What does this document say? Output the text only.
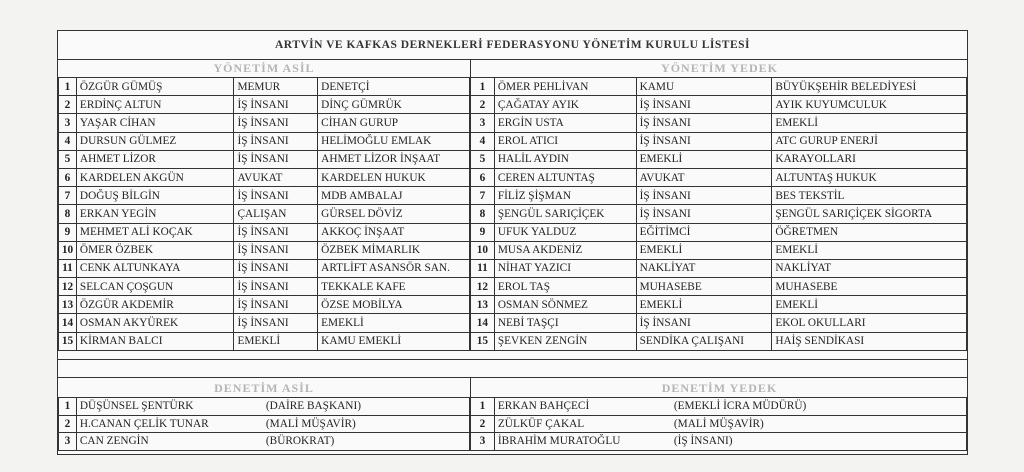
ARTVİN VE KAFKAS DERNEKLERİ FEDERASYONU YÖNETİM KURULU LİSTESİ
YÖNETİM ASİL	YÖNETİM YEDEK
1	ÖZGÜR GÜMÜŞ	MEMUR	DENETÇİ
2	ERDİNÇ ALTUN	İŞ İNSANI	DİNÇ GÜMRÜK
3	YAŞAR CİHAN	İŞ İNSANI	CİHAN GURUP
4	DURSUN GÜLMEZ	İŞ İNSANI	HELİMOĞLU EMLAK
5	AHMET LİZOR	İŞ İNSANI	AHMET LİZOR İNŞAAT
6	KARDELEN AKGÜN	AVUKAT	KARDELEN HUKUK
7	DOĞUŞ BİLGİN	İŞ İNSANI	MDB AMBALAJ
8	ERKAN YEGİN	ÇALIŞAN	GÜRSEL DÖVİZ
9	MEHMET ALİ KOÇAK	İŞ İNSANI	AKKOÇ İNŞAAT
10	ÖMER ÖZBEK	İŞ İNSANI	ÖZBEK MİMARLIK
11	CENK ALTUNKAYA	İŞ İNSANI	ARTLİFT ASANSÖR SAN.
12	SELCAN ÇOŞGUN	İŞ İNSANI	TEKKALE KAFE
13	ÖZGÜR AKDEMİR	İŞ İNSANI	ÖZSE MOBİLYA
14	OSMAN AKYÜREK	İŞ İNSANI	EMEKLİ
15	KİRMAN BALCI	EMEKLİ	KAMU EMEKLİ
1	ÖMER PEHLİVAN	KAMU	BÜYÜKŞEHİR BELEDİYESİ
2	ÇAĞATAY AYIK	İŞ İNSANI	AYIK KUYUMCULUK
3	ERGİN USTA	İŞ İNSANI	EMEKLİ
4	EROL ATICI	İŞ İNSANI	ATC GURUP ENERJİ
5	HALİL AYDIN	EMEKLİ	KARAYOLLARI
6	CEREN ALTUNTAŞ	AVUKAT	ALTUNTAŞ HUKUK
7	FİLİZ ŞİŞMAN	İŞ İNSANI	BES TEKSTİL
8	ŞENGÜL SARIÇİÇEK	İŞ İNSANI	ŞENGÜL SARIÇİÇEK SİGORTA
9	UFUK YALDUZ	EĞİTİMCİ	ÖĞRETMEN
10	MUSA AKDENİZ	EMEKLİ	EMEKLİ
11	NİHAT YAZICI	NAKLİYAT	NAKLİYAT
12	EROL TAŞ	MUHASEBE	MUHASEBE
13	OSMAN SÖNMEZ	EMEKLİ	EMEKLİ
14	NEBİ TAŞÇI	İŞ İNSANI	EKOL OKULLARI
15	ŞEVKEN ZENGİN	SENDİKA ÇALIŞANI	HAİŞ SENDİKASI
DENETİM ASİL	DENETİM YEDEK
1	DÜŞÜNSEL ŞENTÜRK (DAİRE BAŞKANI)
2	H.CANAN ÇELİK TUNAR (MALİ MÜŞAVİR)
3	CAN ZENGİN (BÜROKRAT)
1	ERKAN BAHÇECİ (EMEKLİ İCRA MÜDÜRÜ)
2	ZÜLKÜF ÇAKAL (MALİ MÜŞAVİR)
3	İBRAHİM MURATOĞLU (İŞ İNSANI)
